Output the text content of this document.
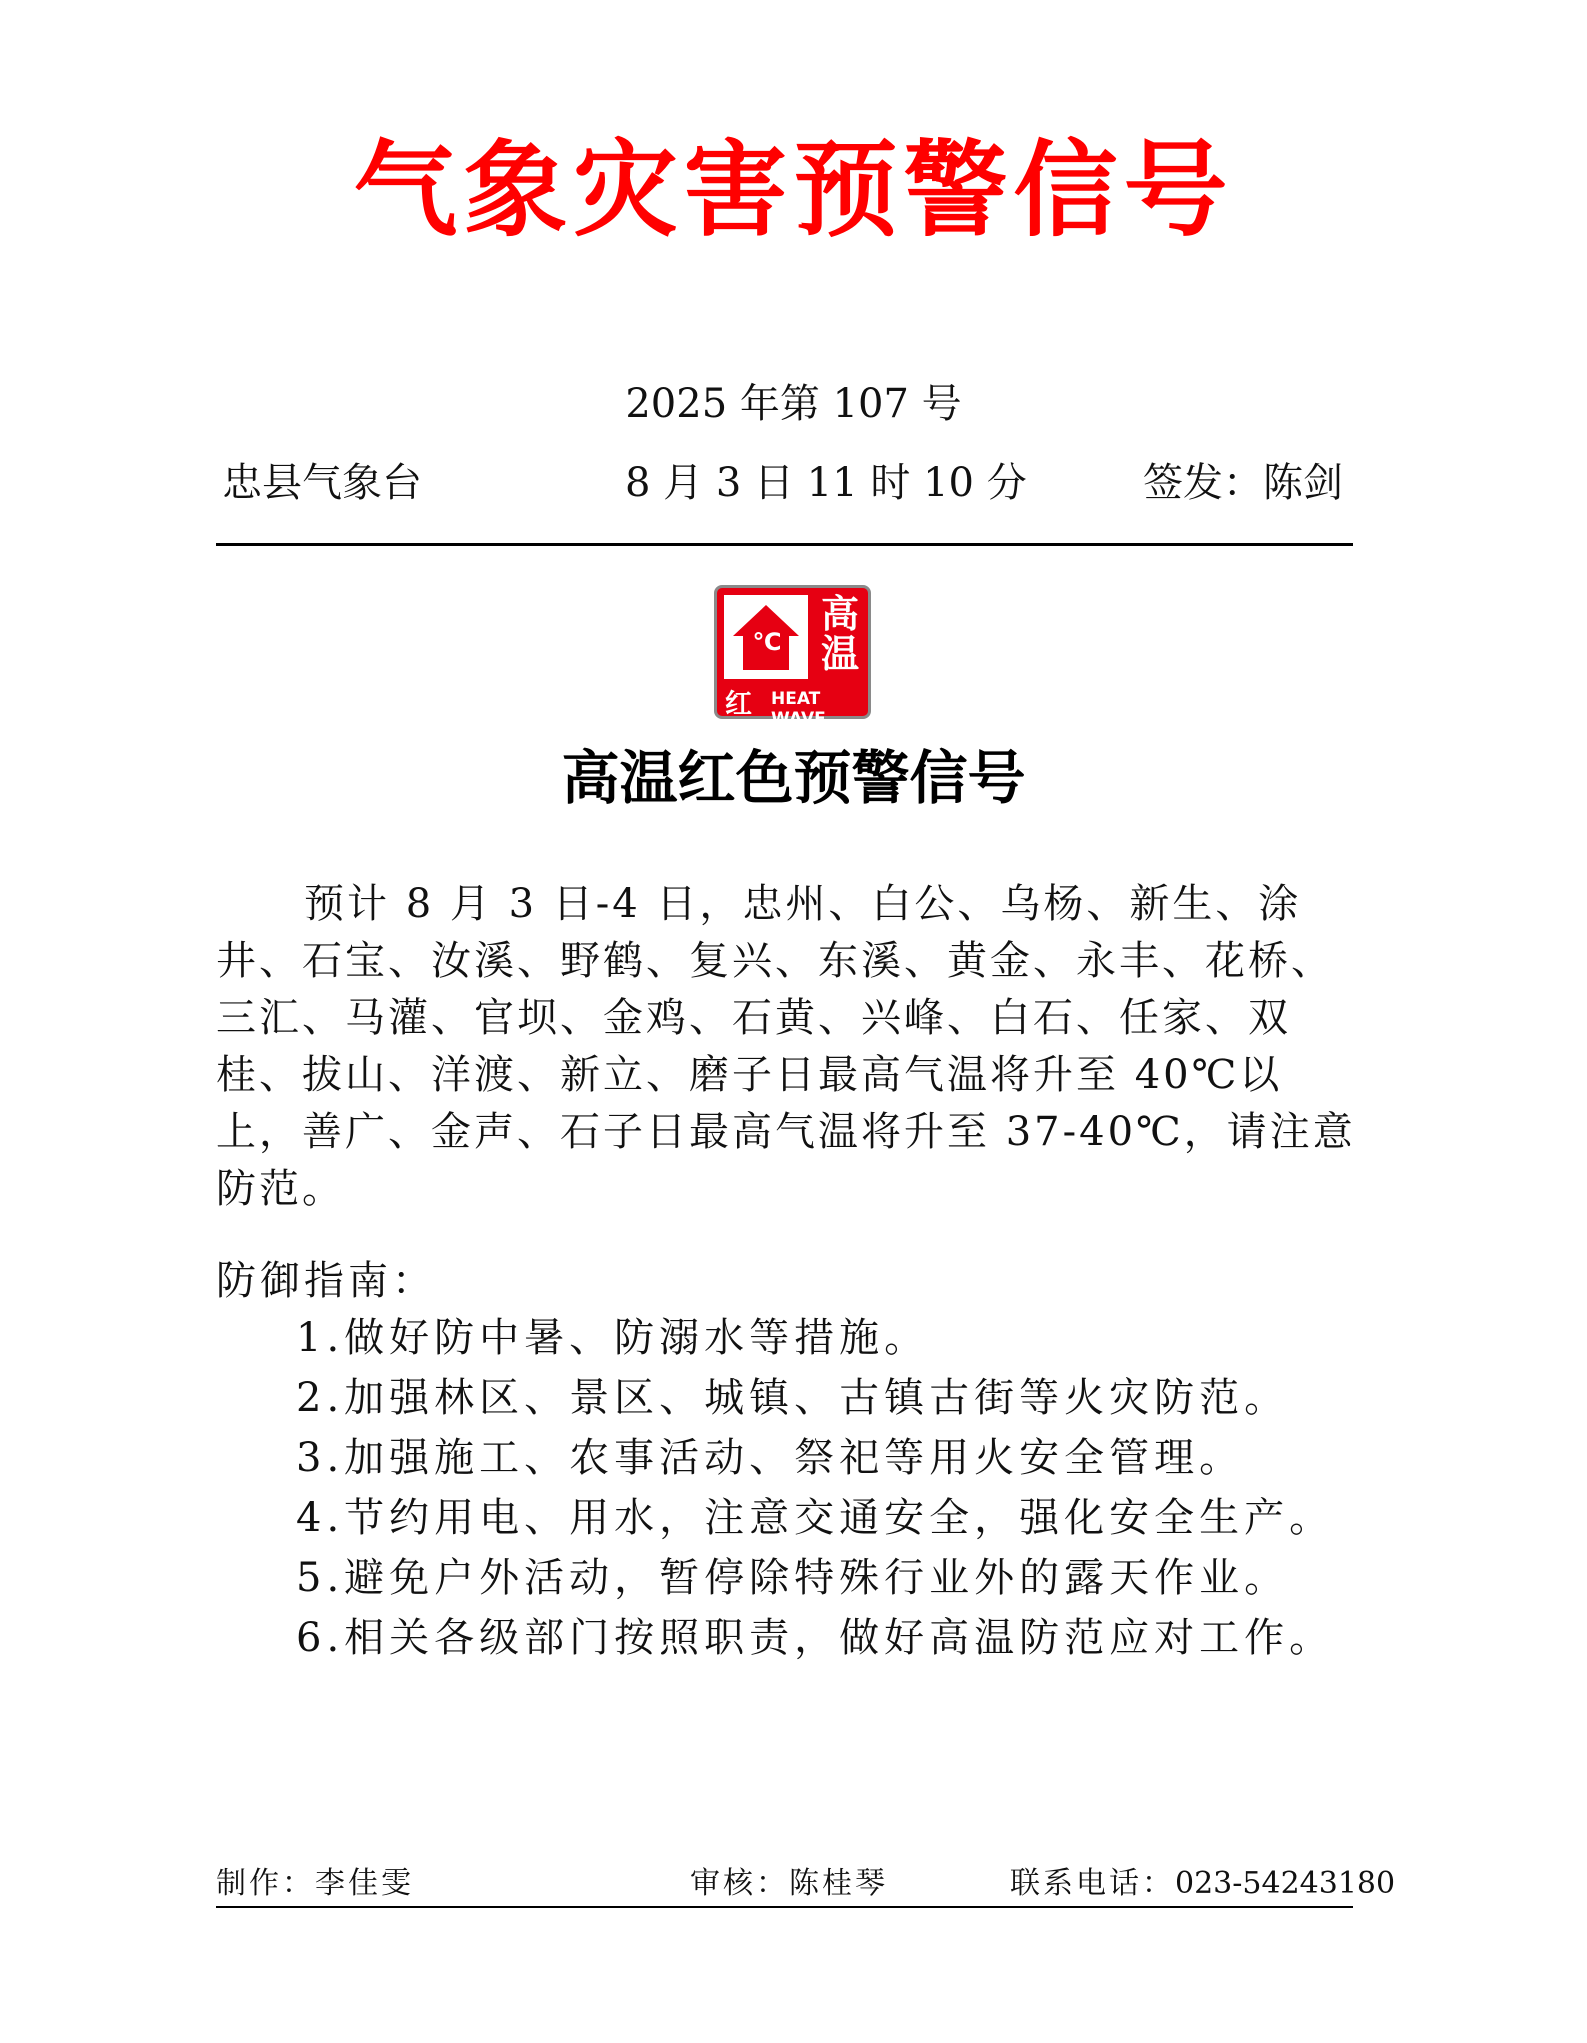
气象灾害预警信号
2025 年第 107 号
忠县气象台	8 月 3 日 11 时 10 分	签发：陈剑
℃
高温
红 HEAT WAVE
高温红色预警信号
预计 8 月 3 日-4 日，忠州、白公、乌杨、新生、涂井、石宝、汝溪、野鹤、复兴、东溪、黄金、永丰、花桥、三汇、马灌、官坝、金鸡、石黄、兴峰、白石、任家、双桂、拔山、洋渡、新立、磨子日最高气温将升至 40℃以上，善广、金声、石子日最高气温将升至 37-40℃，请注意防范。
防御指南：
1.做好防中暑、防溺水等措施。
2.加强林区、景区、城镇、古镇古街等火灾防范。
3.加强施工、农事活动、祭祀等用火安全管理。
4.节约用电、用水，注意交通安全，强化安全生产。
5.避免户外活动，暂停除特殊行业外的露天作业。
6.相关各级部门按照职责，做好高温防范应对工作。
制作：李佳雯	审核：陈桂琴	联系电话：023-54243180
